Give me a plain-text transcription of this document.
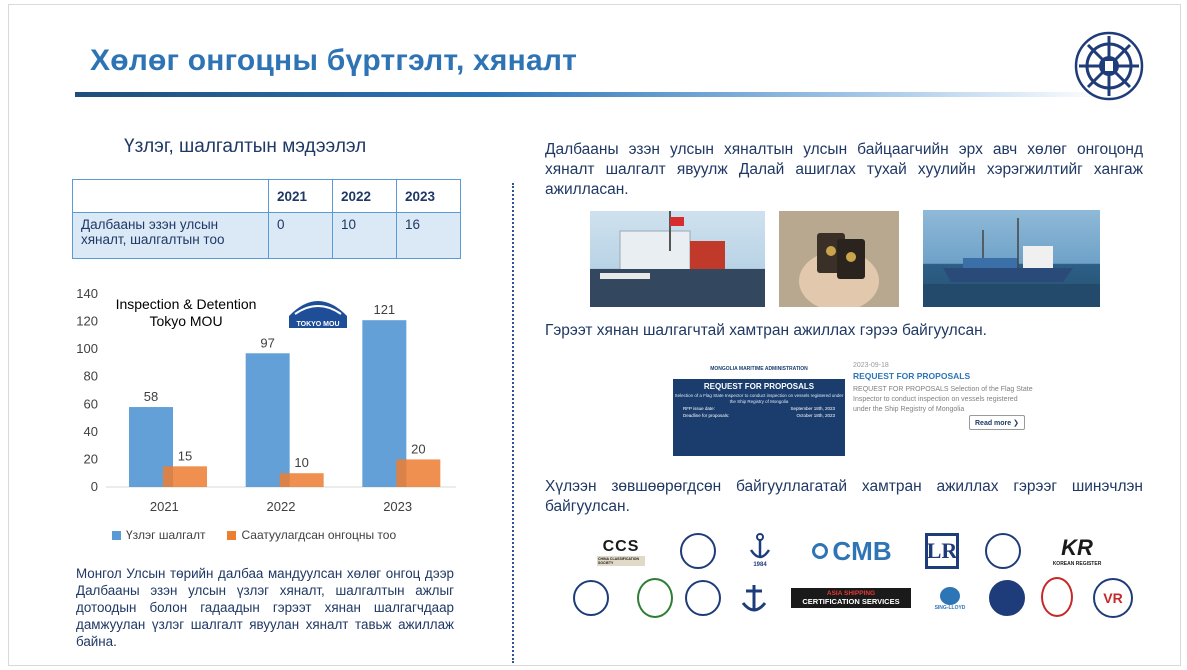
Хөлөг онгоцны бүртгэлт, хяналт
Үзлэг, шалгалтын мэдээлэл
	2021	2022	2023
Далбааны эзэн улсын хяналт, шалгалтын тоо	0	10	16
0
20
40
60
80
100
120
140
58
15
2021
97
10
2022
121
20
2023
Inspection & Detention Tokyo MOU	TOKYO MOU
Үзлэг шалгалт	Саатуулагдсан онгоцны тоо
Монгол Улсын төрийн далбаа мандуулсан хөлөг онгоц дээр Далбааны эзэн улсын үзлэг хяналт, шалгалтын ажлыг дотоодын болон гадаадын гэрээт хянан шалгагчдаар дамжуулан үзлэг шалгалт явуулан хяналт тавьж ажиллаж байна.
Далбааны эзэн улсын хяналтын улсын байцаагчийн эрх авч хөлөг онгоцонд хяналт шалгалт явуулж Далай ашиглах тухай хуулийн хэрэгжилтийг хангаж ажилласан.
Гэрээт хянан шалгагчтай хамтран ажиллах гэрээ байгуулсан.
MONGOLIA MARITIME ADMINISTRATION
REQUEST FOR PROPOSALS
Selection of a Flag State Inspector to conduct inspection on vessels registered under the Ship Registry of Mongolia
RFP issue date:	September 18th, 2023
Deadline for proposals:	October 18th, 2023
2023-09-18
REQUEST FOR PROPOSALS
REQUEST FOR PROPOSALS Selection of the Flag State Inspector to conduct inspection on vessels registered under the Ship Registry of Mongolia
Read more ❯
Хүлээн зөвшөөрөгдсөн байгууллагатай хамтран ажиллах гэрээг шинэчлэн байгуулсан.
CCS
CHINA CLASSIFICATION SOCIETY	1984	CMB LR	KR
KOREAN REGISTER
ASIA SHIPPING
CERTIFICATION SERVICES
SING-LLOYD
VR
